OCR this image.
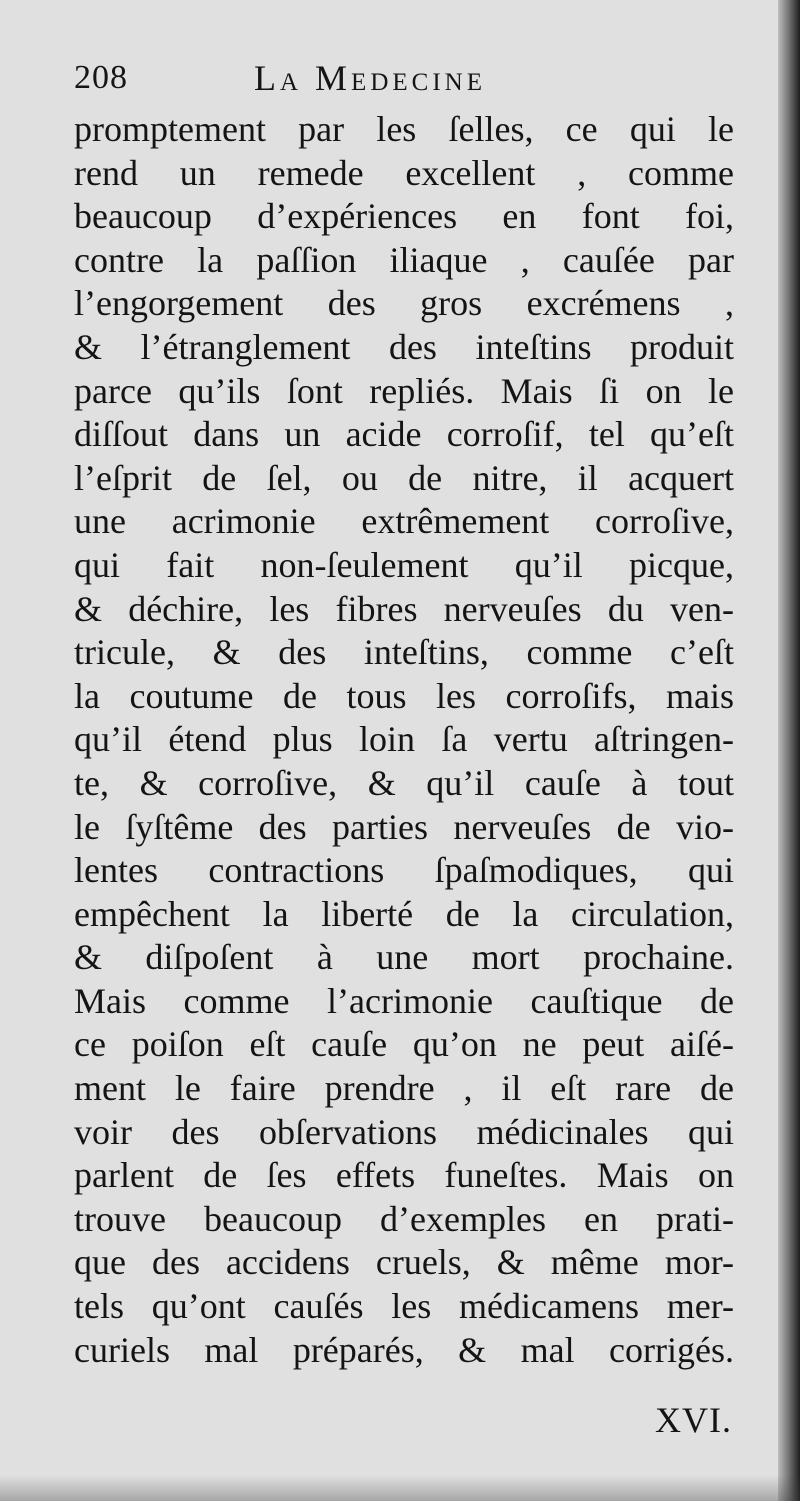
208	La Medecine
promptement par les ſelles, ce qui le
rend un remede excellent , comme
beaucoup d’expériences en font foi,
contre la paſſion iliaque , cauſée par
l’engorgement des gros excrémens ,
& l’étranglement des inteſtins produit
parce qu’ils ſont repliés. Mais ſi on le
diſſout dans un acide corroſif, tel qu’eſt
l’eſprit de ſel, ou de nitre, il acquert
une acrimonie extrêmement corroſive,
qui fait non-ſeulement qu’il picque,
& déchire, les fibres nerveuſes du ven-
tricule, & des inteſtins, comme c’eſt
la coutume de tous les corroſifs, mais
qu’il étend plus loin ſa vertu aſtringen-
te, & corroſive, & qu’il cauſe à tout
le ſyſtême des parties nerveuſes de vio-
lentes contractions ſpaſmodiques, qui
empêchent la liberté de la circulation,
& diſpoſent à une mort prochaine.
Mais comme l’acrimonie cauſtique de
ce poiſon eſt cauſe qu’on ne peut aiſé-
ment le faire prendre , il eſt rare de
voir des obſervations médicinales qui
parlent de ſes effets funeſtes. Mais on
trouve beaucoup d’exemples en prati-
que des accidens cruels, & même mor-
tels qu’ont cauſés les médicamens mer-
curiels mal préparés, & mal corrigés.
XVI.
